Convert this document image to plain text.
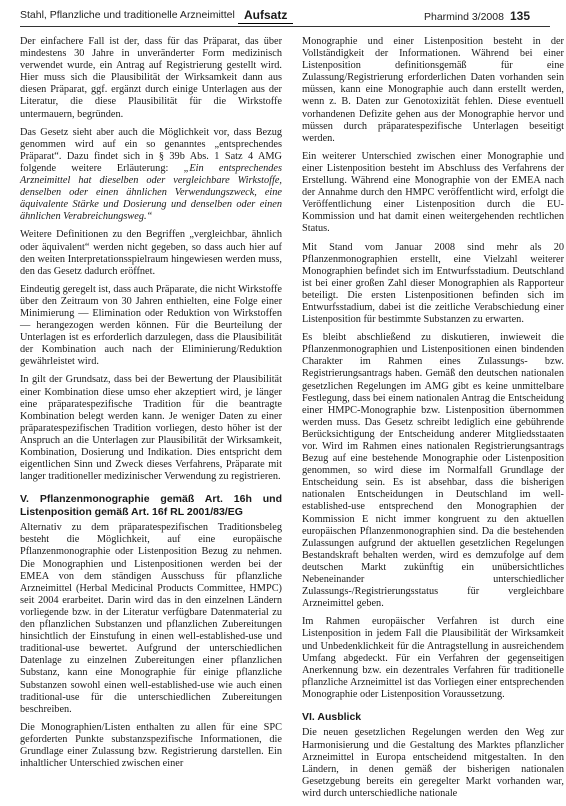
Stahl, Pflanzliche und traditionelle Arzneimittel Aufsatz	Pharmind 3/2008 135

Der einfachere Fall ist der, dass für das Präparat, das über mindestens 30 Jahre in unveränderter Form medizinisch verwendet wurde, ein Antrag auf Registrierung gestellt wird. Hier muss sich die Plausibilität der Wirksamkeit dann aus diesen Präparat, ggf. ergänzt durch einige Unterlagen aus der Literatur, die diese Plausibilität für die Wirkstoffe untermauern, begründen.

Das Gesetz sieht aber auch die Möglichkeit vor, dass Bezug genommen wird auf ein so genanntes „entsprechendes Präparat“. Dazu findet sich in § 39b Abs. 1 Satz 4 AMG folgende weitere Erläuterung: „Ein entsprechendes Arzneimittel hat dieselben oder vergleichbare Wirkstoffe, denselben oder einen ähnlichen Verwendungszweck, eine äquivalente Stärke und Dosierung und denselben oder einen ähnlichen Verabreichungsweg.“

Weitere Definitionen zu den Begriffen „vergleichbar, ähnlich oder äquivalent“ werden nicht gegeben, so dass auch hier auf den weiten Interpretationsspielraum hingewiesen werden muss, den das Gesetz dadurch eröffnet.

Eindeutig geregelt ist, dass auch Präparate, die nicht Wirkstoffe über den Zeitraum von 30 Jahren enthielten, eine Folge einer Minimierung — Elimination oder Reduktion von Wirkstoffen — herangezogen werden können. Für die Beurteilung der Unterlagen ist es erforderlich darzulegen, dass die Plausibilität der Kombination auch nach der Eliminierung/Reduktion gewährleistet wird.

In gilt der Grundsatz, dass bei der Bewertung der Plausibilität einer Kombination diese umso eher akzeptiert wird, je länger eine präparatespezifische Tradition für die beantragte Kombination belegt werden kann. Je weniger Daten zu einer präparatespezifischen Tradition vorliegen, desto höher ist der Anspruch an die Unterlagen zur Plausibilität der Wirksamkeit, Kombination, Dosierung und Indikation. Dies entspricht dem eigentlichen Sinn und Zweck dieses Verfahrens, Präparate mit langer traditioneller medizinischer Verwendung zu registrieren.

V. Pflanzenmonographie gemäß Art. 16h und Listenposition gemäß Art. 16f RL 2001/83/EG

Alternativ zu dem präparatespezifischen Traditionsbeleg besteht die Möglichkeit, auf eine europäische Pflanzenmonographie oder Listenposition Bezug zu nehmen. Die Monographien und Listenpositionen werden bei der EMEA von dem ständigen Ausschuss für pflanzliche Arzneimittel (Herbal Medicinal Products Committee, HMPC) seit 2004 erarbeitet. Darin wird das in den einzelnen Ländern vorliegende bzw. in der Literatur verfügbare Datenmaterial zu den pflanzlichen Substanzen und pflanzlichen Zubereitungen hinsichtlich der Einstufung in einen well-established-use und traditional-use bewertet. Aufgrund der unterschiedlichen Datenlage zu einzelnen Zubereitungen einer pflanzlichen Substanz, kann eine Monographie für einige pflanzliche Substanzen sowohl einen well-established-use wie auch einen traditional-use für die unterschiedlichen Zubereitungen beschreiben.

Die Monographien/Listen enthalten zu allen für eine SPC geforderten Punkte substanzspezifische Informationen, die Grundlage einer Zulassung bzw. Registrierung darstellen. Ein inhaltlicher Unterschied zwischen einer

Monographie und einer Listenposition besteht in der Vollständigkeit der Informationen. Während bei einer Listenposition definitionsgemäß für eine Zulassung/Registrierung erforderlichen Daten vorhanden sein müssen, kann eine Monographie auch dann erstellt werden, wenn z. B. Daten zur Genotoxizität fehlen. Diese eventuell vorhandenen Defizite gehen aus der Monographie hervor und müssen durch präparatespezifische Unterlagen beseitigt werden.

Ein weiterer Unterschied zwischen einer Monographie und einer Listenposition besteht im Abschluss des Verfahrens der Erstellung. Während eine Monographie von der EMEA nach der Annahme durch den HMPC veröffentlicht wird, erfolgt die Veröffentlichung einer Listenposition durch die EU-Kommission und hat damit einen weitergehenden rechtlichen Status.

Mit Stand vom Januar 2008 sind mehr als 20 Pflanzenmonographien erstellt, eine Vielzahl weiterer Monographien befindet sich im Entwurfsstadium. Deutschland ist bei einer großen Zahl dieser Monographien als Rapporteur beteiligt. Die ersten Listenpositionen befinden sich im Entwurfsstadium, dabei ist die zeitliche Verabschiedung einer Listenposition für bestimmte Substanzen zu erwarten.

Es bleibt abschließend zu diskutieren, inwieweit die Pflanzenmonographien und Listenpositionen einen bindenden Charakter im Rahmen eines Zulassungs- bzw. Registrierungsantrags haben. Gemäß den deutschen nationalen gesetzlichen Regelungen im AMG gibt es keine unmittelbare Festlegung, dass bei einem nationalen Antrag die Entscheidung einer HMPC-Monographie bzw. Listenposition übernommen werden muss. Das Gesetz schreibt lediglich eine gebührende Berücksichtigung der Entscheidung anderer Mitgliedsstaaten vor. Wird im Rahmen eines nationalen Registrierungsantrags Bezug auf eine bestehende Monographie oder Listenposition genommen, so wird diese im Normalfall Grundlage der Entscheidung sein. Es ist absehbar, dass die bisherigen nationalen Entscheidungen in Deutschland im well-established-use entsprechend den Monographien der Kommission E nicht immer kongruent zu den aktuellen europäischen Pflanzenmonographien sind. Da die bestehenden Zulassungen aufgrund der aktuellen gesetzlichen Regelungen Bestandskraft behalten werden, wird es demzufolge auf dem deutschen Markt zukünftig ein unübersichtliches Nebeneinander unterschiedlicher Zulassungs-/Registrierungsstatus für vergleichbare Arzneimittel geben.

Im Rahmen europäischer Verfahren ist durch eine Listenposition in jedem Fall die Plausibilität der Wirksamkeit und Unbedenklichkeit für die Antragstellung in ausreichendem Umfang abgedeckt. Für ein Verfahren der gegenseitigen Anerkennung bzw. ein dezentrales Verfahren für traditionelle pflanzliche Arzneimittel ist das Vorliegen einer entsprechenden Monographie oder Listenposition Voraussetzung.

VI. Ausblick

Die neuen gesetzlichen Regelungen werden den Weg zur Harmonisierung und die Gestaltung des Marktes pflanzlicher Arzneimittel in Europa entscheidend mitgestalten. In den Ländern, in denen gemäß der bisherigen nationalen Gesetzgebung bereits ein geregelter Markt vorhanden war, wird durch unterschiedliche nationale
